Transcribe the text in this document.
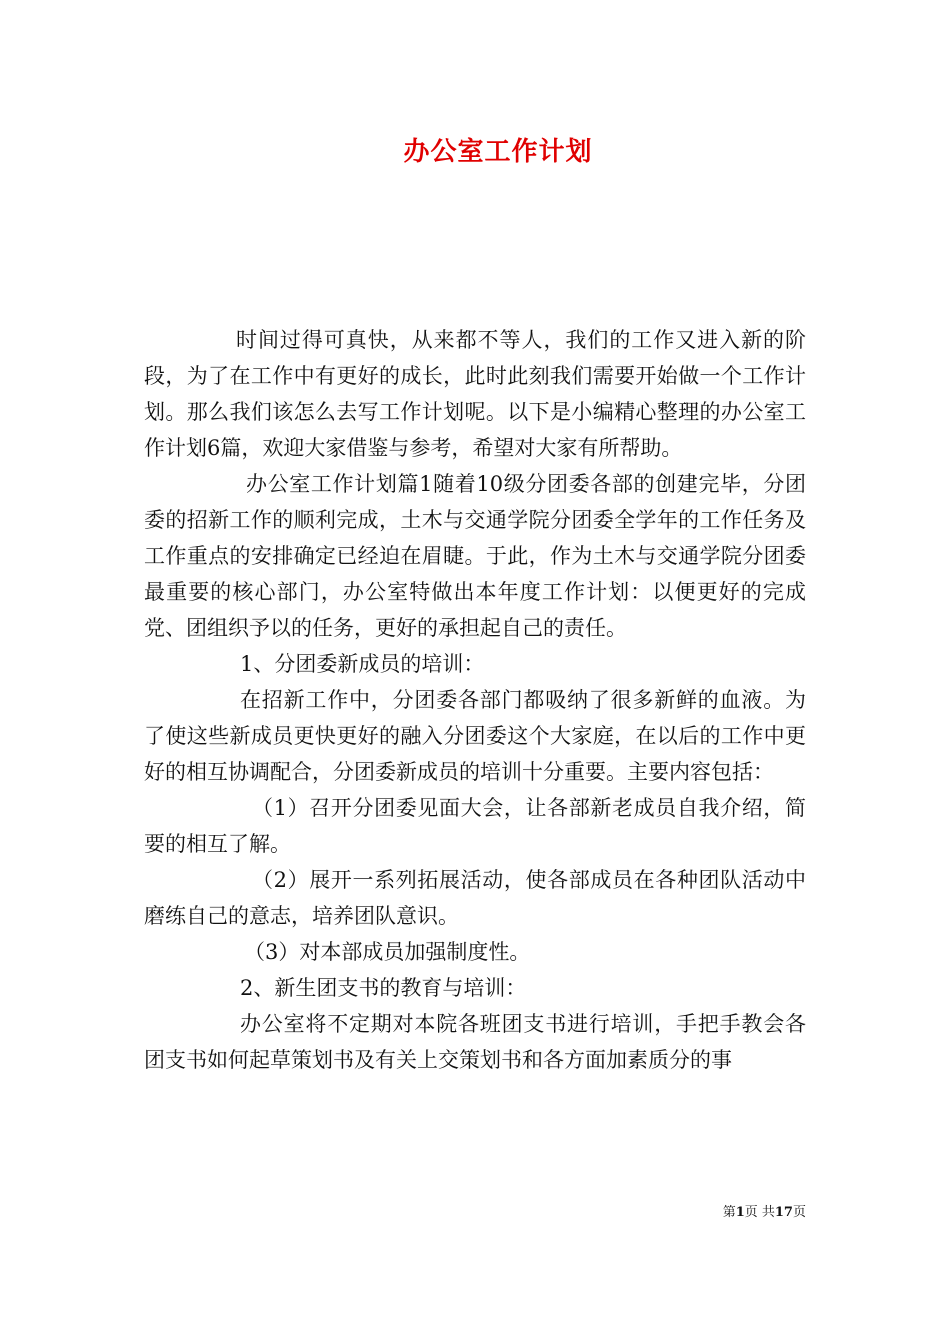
办公室工作计划

时间过得可真快，从来都不等人，我们的工作又进入新的阶段，为了在工作中有更好的成长，此时此刻我们需要开始做一个工作计划。那么我们该怎么去写工作计划呢。以下是小编精心整理的办公室工作计划6篇，欢迎大家借鉴与参考，希望对大家有所帮助。

办公室工作计划篇1随着10级分团委各部的创建完毕，分团委的招新工作的顺利完成，土木与交通学院分团委全学年的工作任务及工作重点的安排确定已经迫在眉睫。于此，作为土木与交通学院分团委最重要的核心部门，办公室特做出本年度工作计划：以便更好的完成党、团组织予以的任务，更好的承担起自己的责任。

1、分团委新成员的培训：

在招新工作中，分团委各部门都吸纳了很多新鲜的血液。为了使这些新成员更快更好的融入分团委这个大家庭，在以后的工作中更好的相互协调配合，分团委新成员的培训十分重要。主要内容包括：

（1）召开分团委见面大会，让各部新老成员自我介绍，简要的相互了解。

（2）展开一系列拓展活动，使各部成员在各种团队活动中磨练自己的意志，培养团队意识。

（3）对本部成员加强制度性。

2、新生团支书的教育与培训：

办公室将不定期对本院各班团支书进行培训，手把手教会各团支书如何起草策划书及有关上交策划书和各方面加素质分的事

第1页 共17页
